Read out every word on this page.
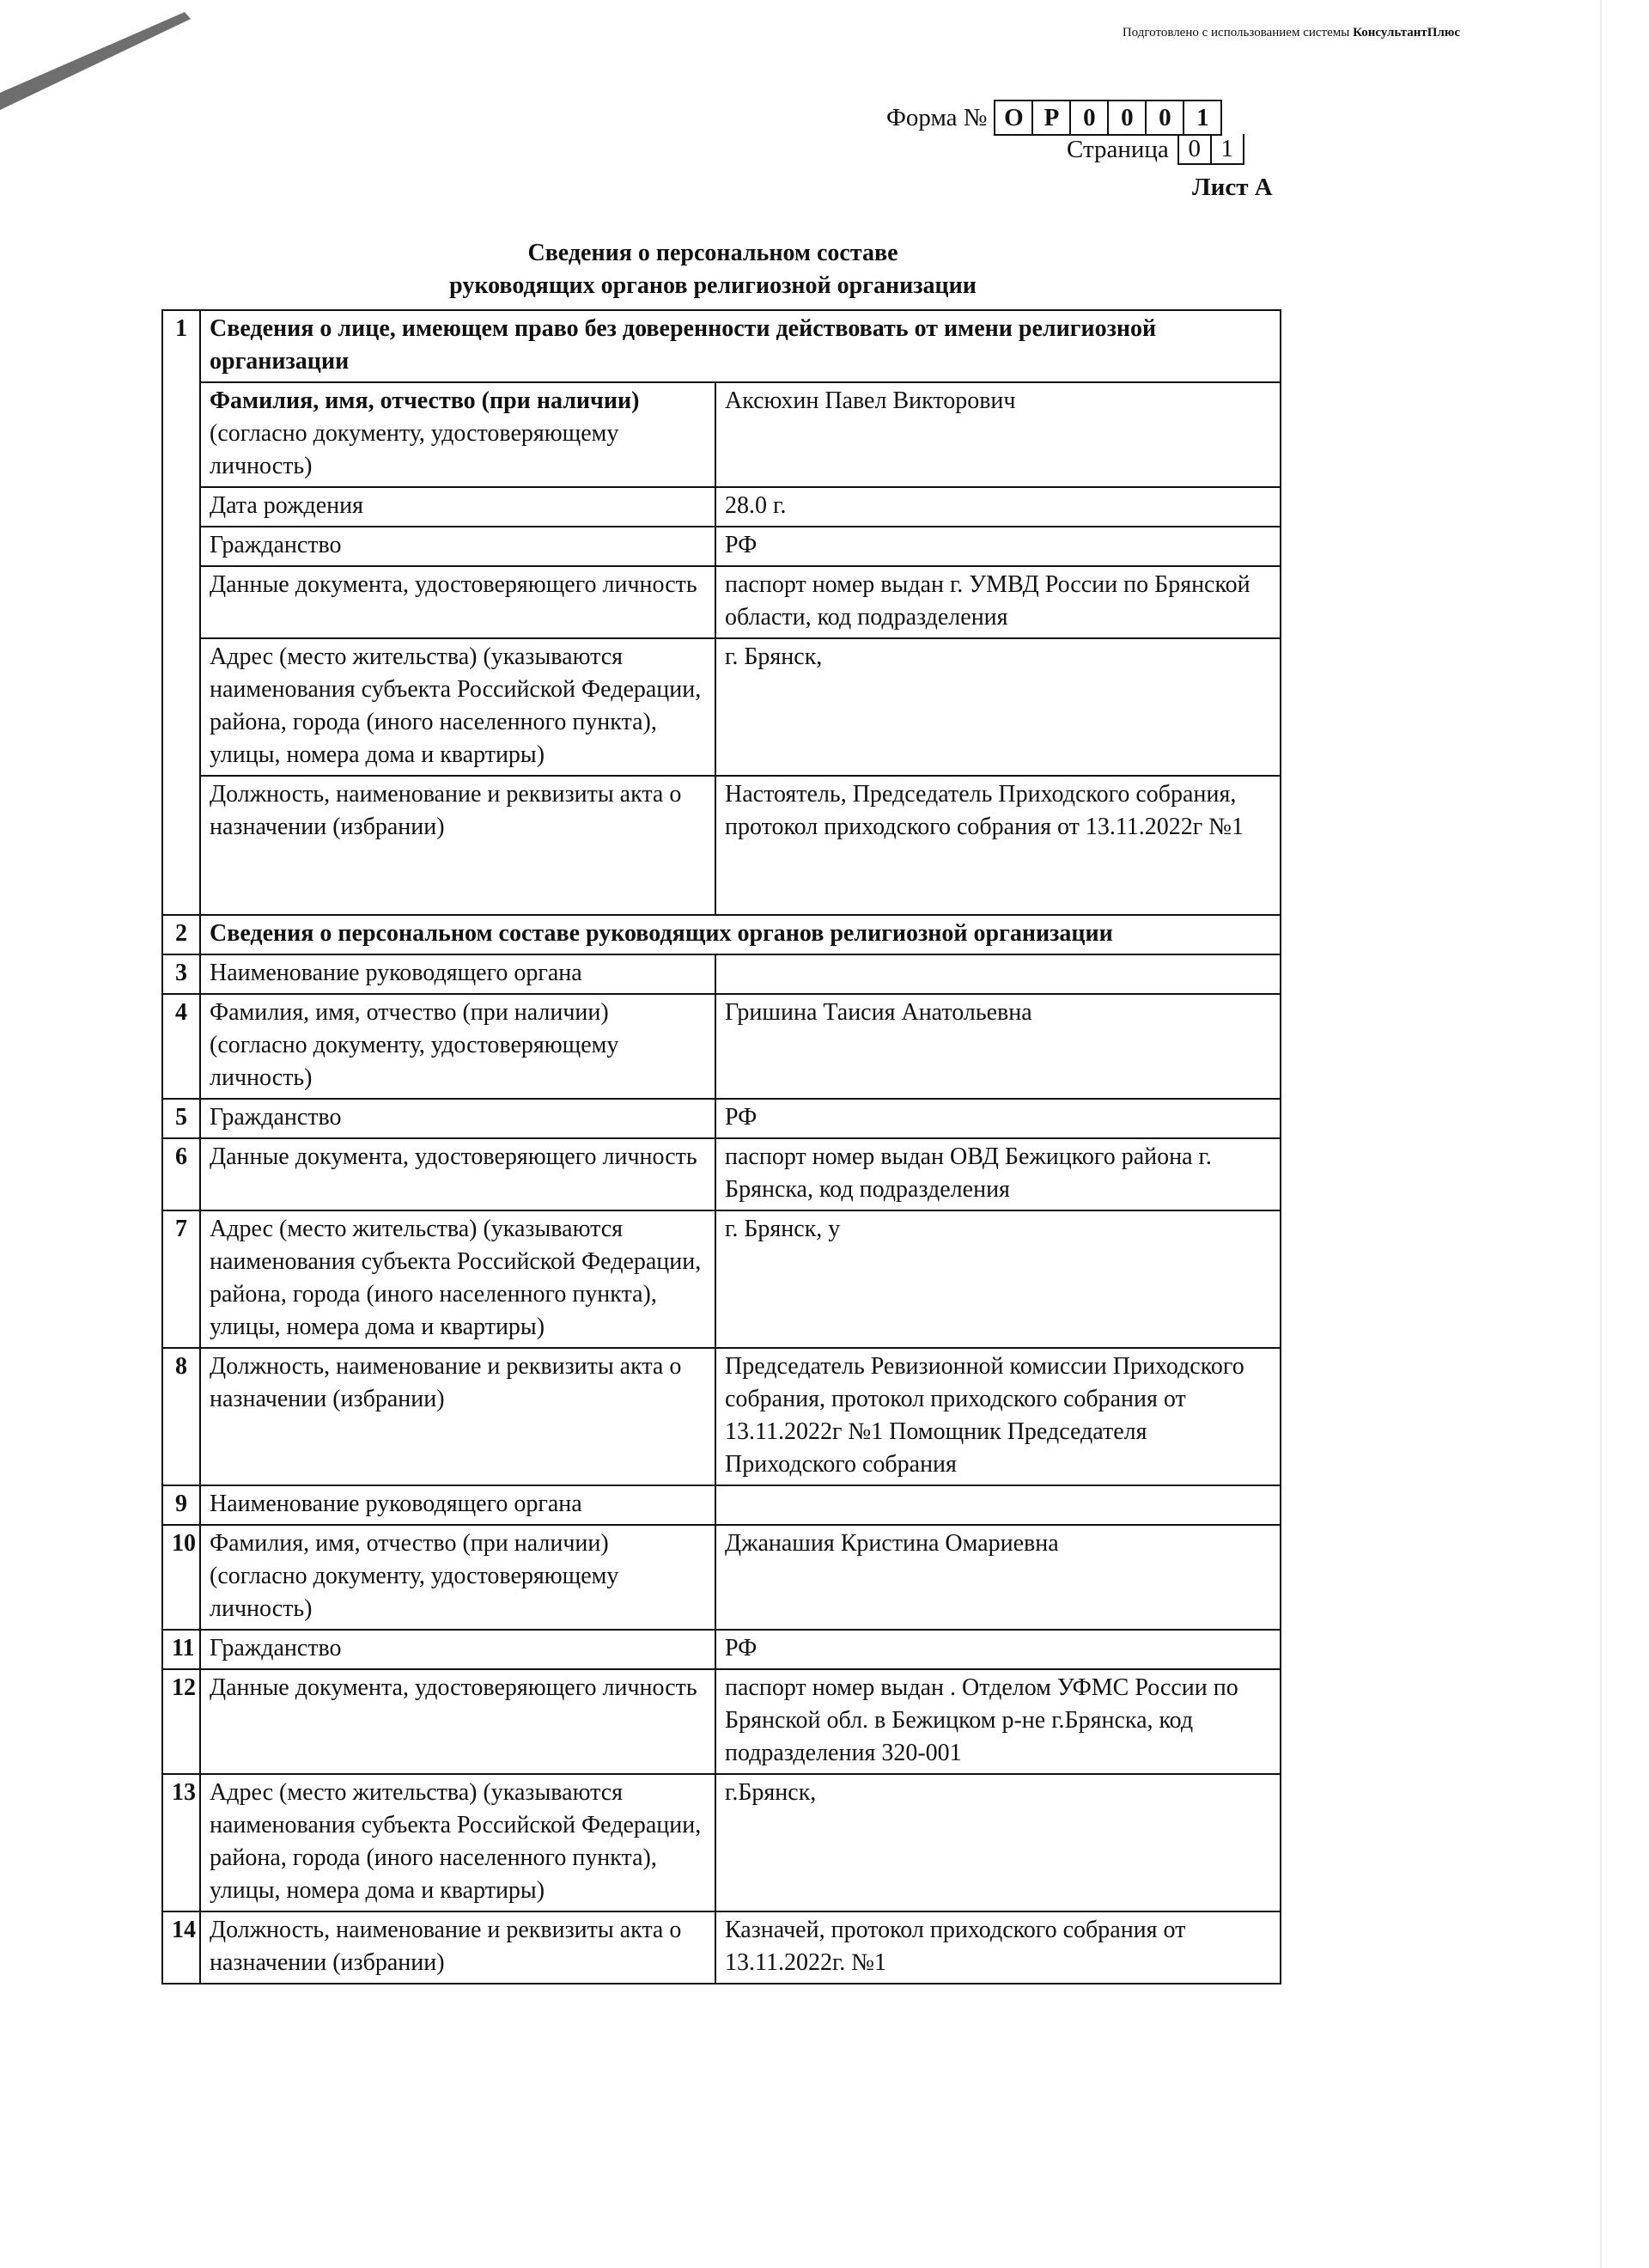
Подготовлено с использованием системы КонсультантПлюс
Форма № О Р 0	0	0	1
Страница 0 1
Лист А
Сведения о персональном составе
руководящих органов религиозной организации
1	Сведения о лице, имеющем право без доверенности действовать от имени религиозной организации	
	Фамилия, имя, отчество (при наличии) (согласно документу, удостоверяющему личность)	Аксюхин Павел Викторович
	Дата рождения	28.0 г.
	Гражданство	РФ
	Данные документа, удостоверяющего личность	паспорт номер выдан г. УМВД России по Брянской области, код подразделения
	Адрес (место жительства) (указываются наименования субъекта Российской Федерации, района, города (иного населенного пункта), улицы, номера дома и квартиры)	г. Брянск,
	Должность, наименование и реквизиты акта о назначении (избрании)	Настоятель, Председатель Приходского собрания, протокол приходского собрания от 13.11.2022г №1
2	Сведения о персональном составе руководящих органов религиозной организации	
3	Наименование руководящего органа	
4	Фамилия, имя, отчество (при наличии) (согласно документу, удостоверяющему личность)	Гришина Таисия Анатольевна
5	Гражданство	РФ
6	Данные документа, удостоверяющего личность	паспорт номер выдан ОВД Бежицкого района г. Брянска, код подразделения
7	Адрес (место жительства) (указываются наименования субъекта Российской Федерации, района, города (иного населенного пункта), улицы, номера дома и квартиры)	г. Брянск, у
8	Должность, наименование и реквизиты акта о назначении (избрании)	Председатель Ревизионной комиссии Приходского собрания, протокол приходского собрания от 13.11.2022г №1 Помощник Председателя Приходского собрания
9	Наименование руководящего органа	
10	Фамилия, имя, отчество (при наличии) (согласно документу, удостоверяющему личность)	Джанашия Кристина Омариевна
11	Гражданство	РФ
12	Данные документа, удостоверяющего личность	паспорт номер выдан . Отделом УФМС России по Брянской обл. в Бежицком р-не г.Брянска, код подразделения 320-001
13	Адрес (место жительства) (указываются наименования субъекта Российской Федерации, района, города (иного населенного пункта), улицы, номера дома и квартиры)	г.Брянск,
14	Должность, наименование и реквизиты акта о назначении (избрании)	Казначей, протокол приходского собрания от 13.11.2022г. №1
